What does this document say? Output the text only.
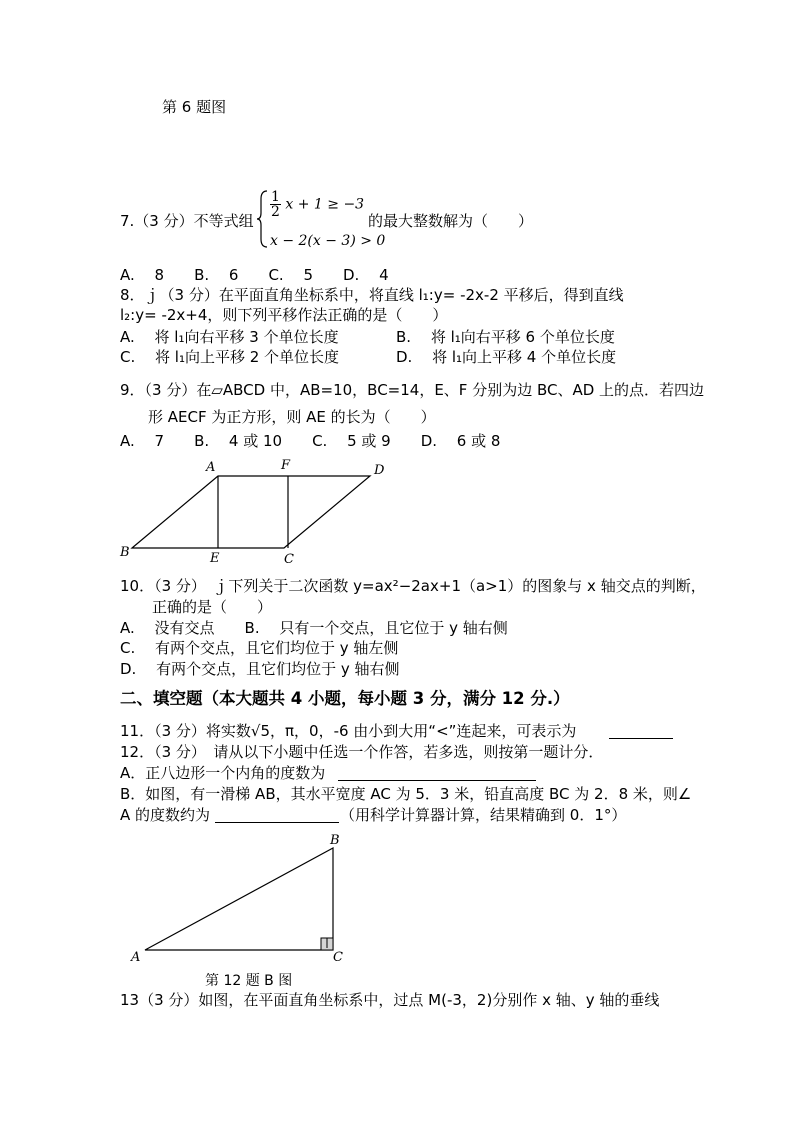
第 6 题图
7.（3 分）不等式组
$\frac{1}{2}$ x + 1 ≥ −3
x − 2(x − 3) > 0
的最大整数解为（　　）
A.　 8　　B.　 6　　C.　 5　　D.　 4
8．ｊ（3 分）在平面直角坐标系中，将直线 l₁:y= -2x-2 平移后，得到直线
l₂:y= -2x+4，则下列平移作法正确的是（　　）
A.　 将 l₁向右平移 3 个单位长度	B.　 将 l₁向右平移 6 个单位长度
C.　 将 l₁向上平移 2 个单位长度	D.　 将 l₁向上平移 4 个单位长度
9．（3 分）在▱ABCD 中，AB=10，BC=14，E、F 分别为边 BC、AD 上的点．若四边
形 AECF 为正方形，则 AE 的长为（　　）
A.　 7　　B.　 4 或 10　　C.　 5 或 9　　D.　 6 或 8
A	F	D
B	E	C
10．（3 分）　ｊ下列关于二次函数 y=ax²−2ax+1（a>1）的图象与 x 轴交点的判断，
正确的是（　　）
A.　 没有交点　　B.　 只有一个交点，且它位于 y 轴右侧
C.　 有两个交点，且它们均位于 y 轴左侧
D.　 有两个交点，且它们均位于 y 轴右侧
二、填空题（本大题共 4 小题，每小题 3 分，满分 12 分.）
11．（3 分）将实数√5，π，0，-6 由小到大用“<”连起来，可表示为
12．（3 分）　请从以下小题中任选一个作答，若多选，则按第一题计分．
A．正八边形一个内角的度数为
B．如图，有一滑梯 AB，其水平宽度 AC 为 5．3 米，铅直高度 BC 为 2．8 米，则∠
A 的度数约为	（用科学计算器计算，结果精确到 0．1°）
B
A	C
第 12 题 B 图
13（3 分）如图，在平面直角坐标系中，过点 M(-3，2)分别作 x 轴、y 轴的垂线
